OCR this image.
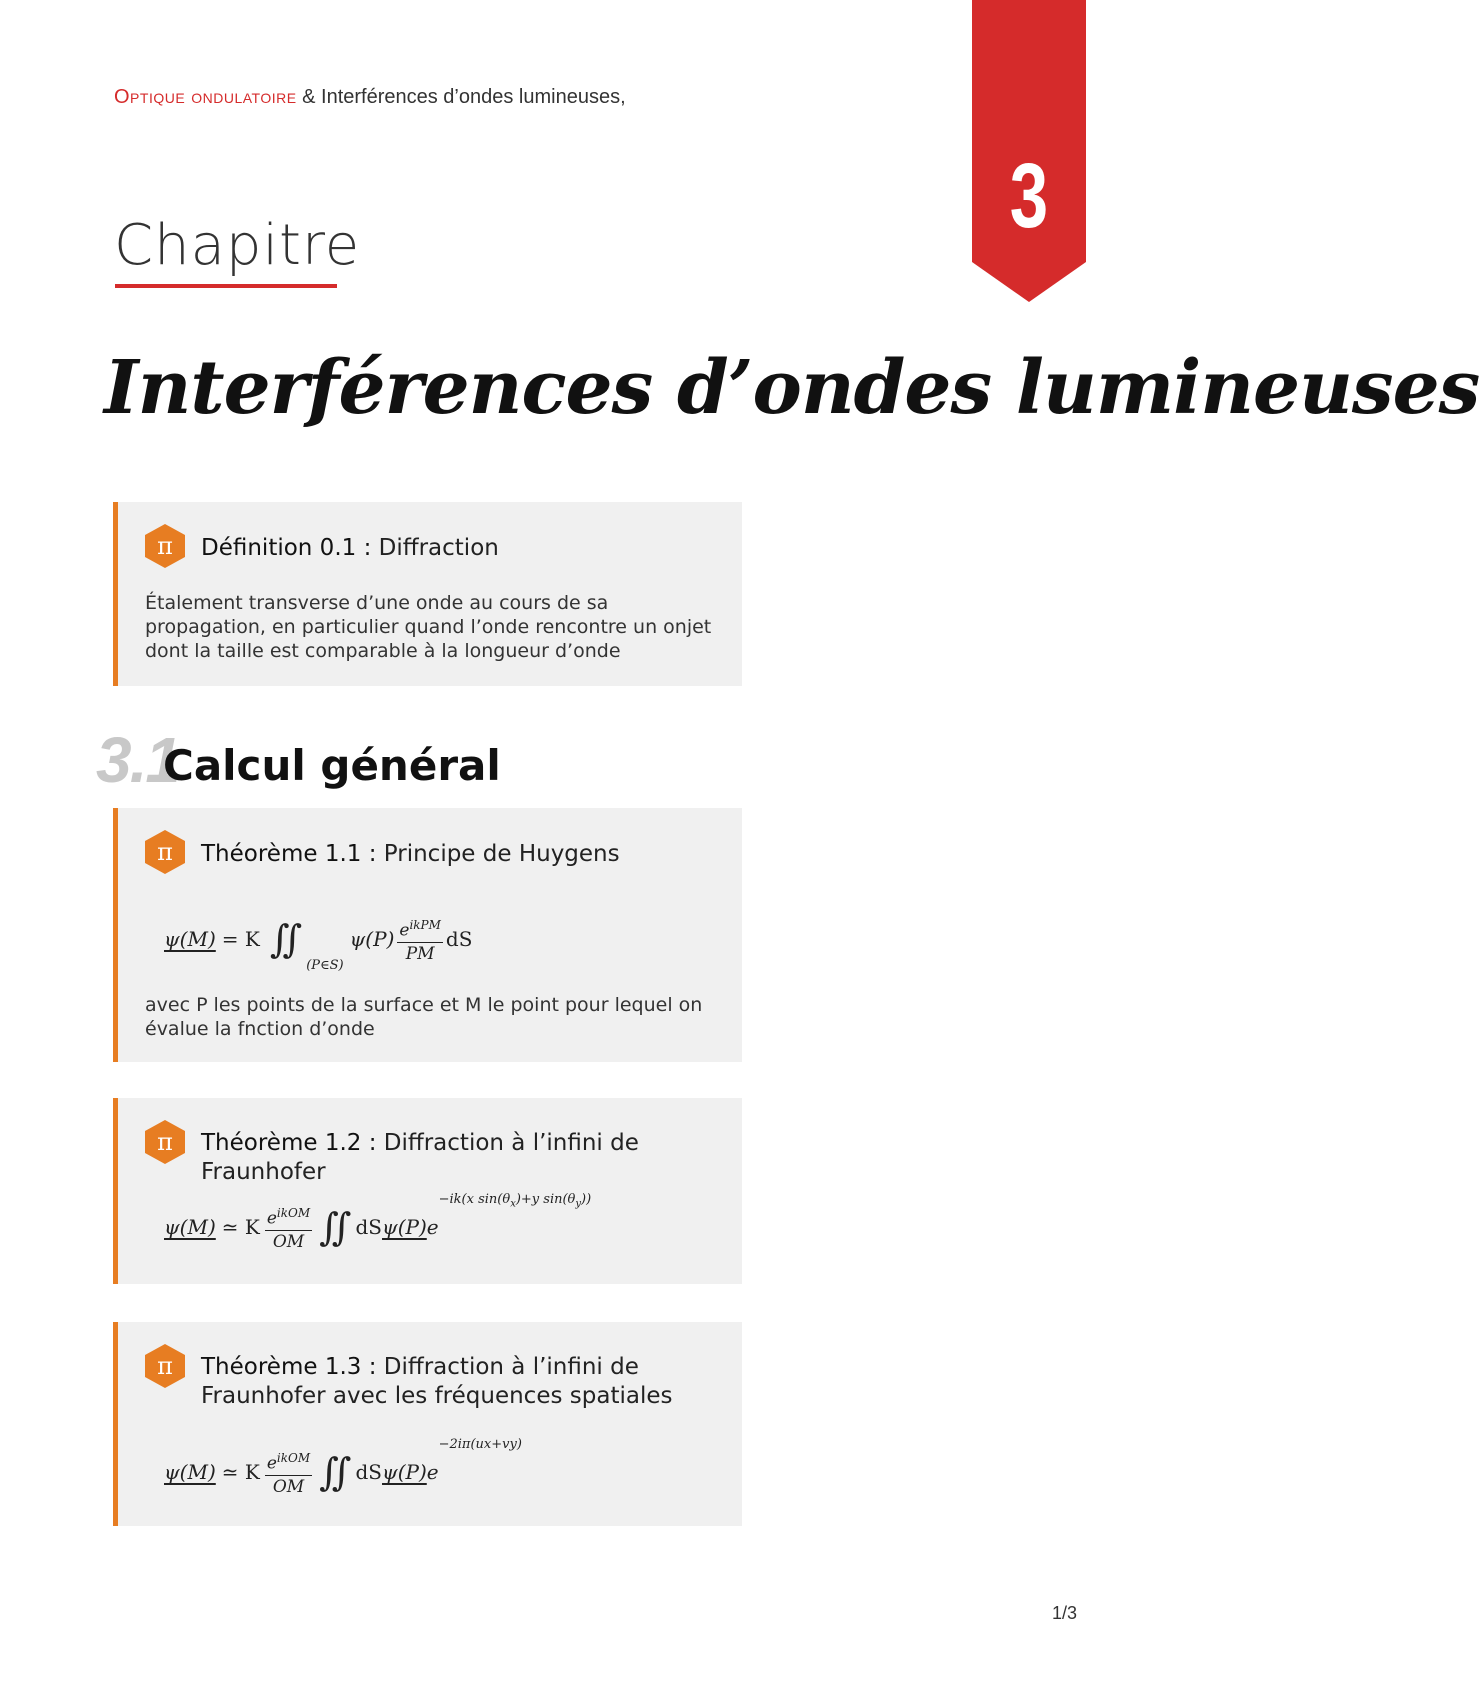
Optique ondulatoire & Interférences d’ondes lumineuses,
Chapitre	3
Interférences d’ondes lumineuses
π	Définition 0.1 : Diffraction
Étalement transverse d’une onde au cours de sa propagation, en particulier quand l’onde rencontre un onjet dont la taille est comparable à la longueur d’onde
3.1
Calcul général
π	Théorème 1.1 : Principe de Huygens
ψ(M) = K ∬
(P∈S)
$\psi(P) \frac{e^{ikPM}}{PM}$ dS
avec P les points de la surface et M le point pour lequel on évalue la fnction d’onde
π	Théorème 1.2 : Diffraction à l’infini de Fraunhofer
ψ(M) ≃ K $\frac{e^{ikOM}}{OM}$ ∬ dS ψ(P) e
−ik(x $\sin(\theta_x)+y$ $\sin(\theta_y)$)
π	Théorème 1.3 : Diffraction à l’infini de Fraunhofer avec les fréquences spatiales
ψ(M) ≃ K $\frac{e^{ikOM}}{OM}$ ∬ dS ψ(P) e
−2iπ(ux+vy)
1/3
